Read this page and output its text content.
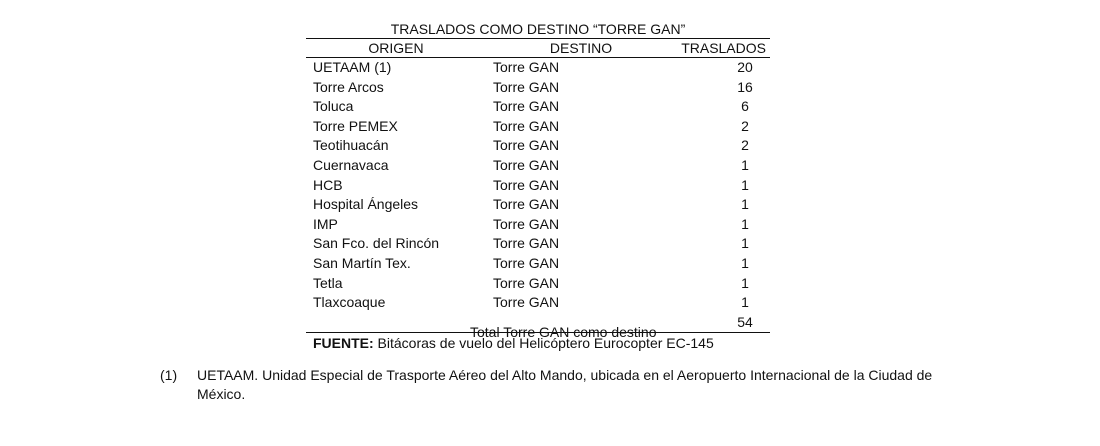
TRASLADOS COMO DESTINO “TORRE GAN”
ORIGEN	DESTINO	TRASLADOS
UETAAM (1)	Torre GAN	20
Torre Arcos	Torre GAN	16
Toluca	Torre GAN	6
Torre PEMEX	Torre GAN	2
Teotihuacán	Torre GAN	2
Cuernavaca	Torre GAN	1
HCB	Torre GAN	1
Hospital Ángeles	Torre GAN	1
IMP	Torre GAN	1
San Fco. del Rincón	Torre GAN	1
San Martín Tex.	Torre GAN	1
Tetla	Torre GAN	1
Tlaxcoaque	Torre GAN	1

	Total Torre GAN como destino	54
FUENTE: Bitácoras de vuelo del Helicóptero Eurocopter EC-145
(1)	UETAAM. Unidad Especial de Trasporte Aéreo del Alto Mando, ubicada en el Aeropuerto Internacional de la Ciudad de México.
